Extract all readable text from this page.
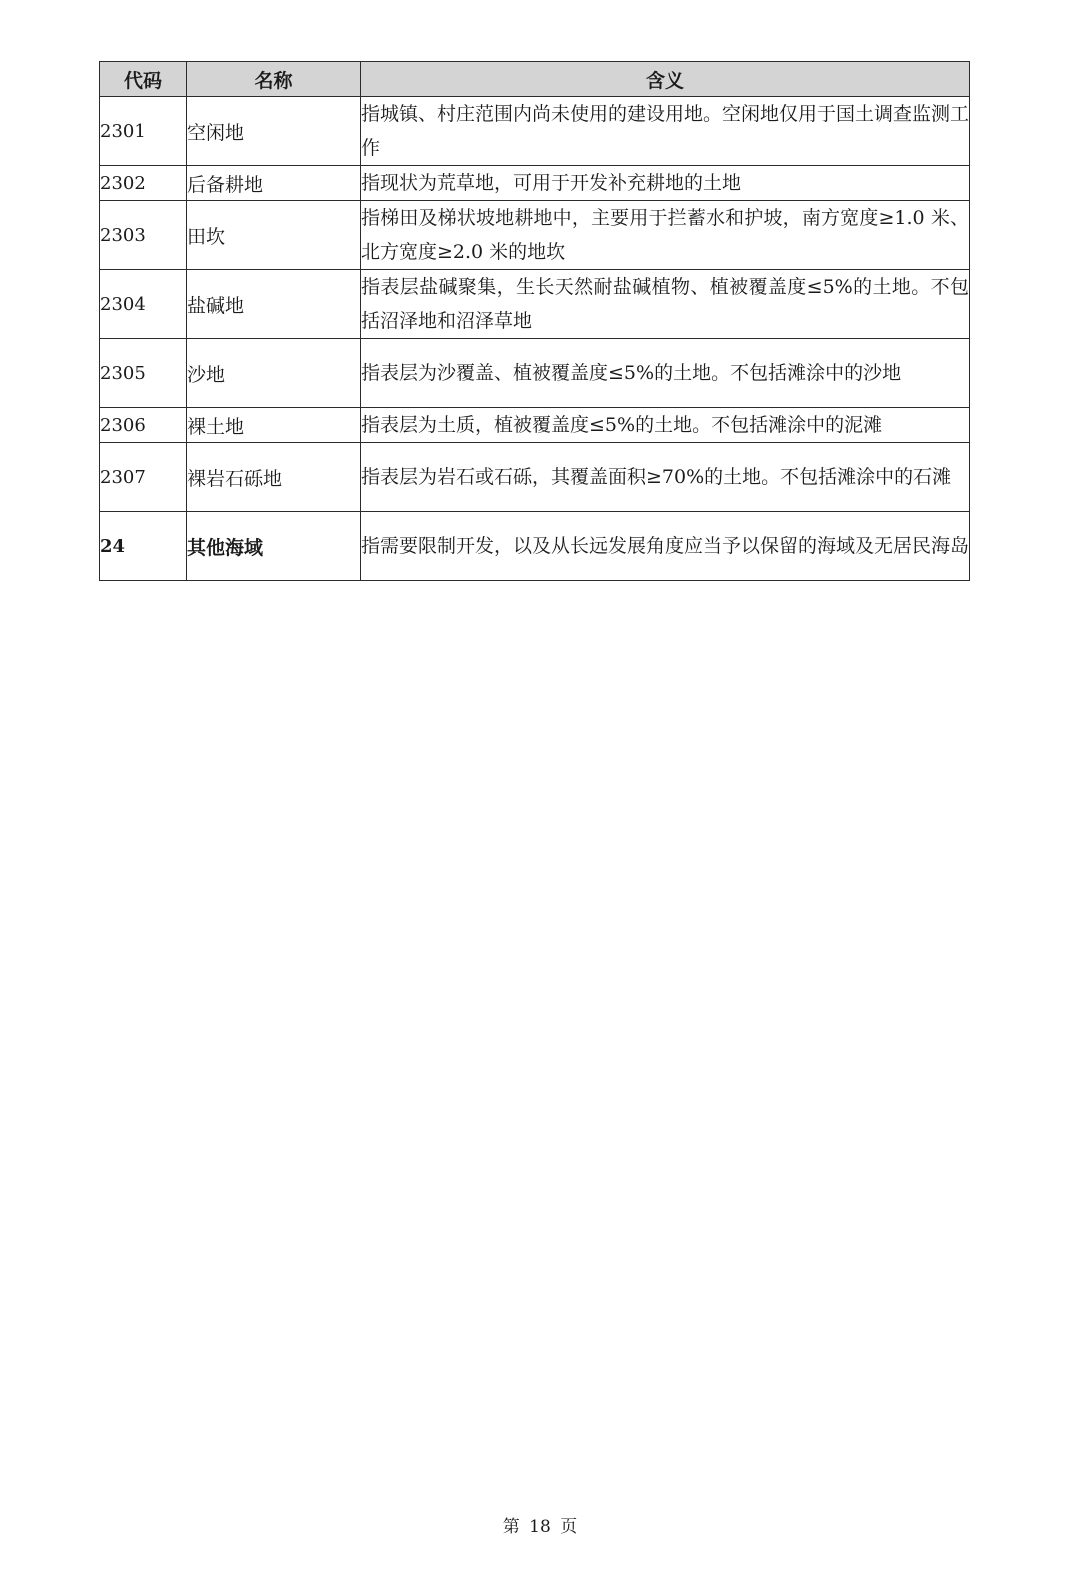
代码	名称	含义
2301	空闲地	指城镇、村庄范围内尚未使用的建设用地。空闲地仅用于国土调查监测工作
2302	后备耕地	指现状为荒草地，可用于开发补充耕地的土地
2303	田坎	指梯田及梯状坡地耕地中，主要用于拦蓄水和护坡，南方宽度≥1.0 米、北方宽度≥2.0 米的地坎
2304	盐碱地	指表层盐碱聚集，生长天然耐盐碱植物、植被覆盖度≤5%的土地。不包括沼泽地和沼泽草地
2305	沙地	指表层为沙覆盖、植被覆盖度≤5%的土地。不包括滩涂中的沙地
2306	裸土地	指表层为土质，植被覆盖度≤5%的土地。不包括滩涂中的泥滩
2307	裸岩石砾地	指表层为岩石或石砾，其覆盖面积≥70%的土地。不包括滩涂中的石滩
24	其他海域	指需要限制开发，以及从长远发展角度应当予以保留的海域及无居民海岛
第 18 页
